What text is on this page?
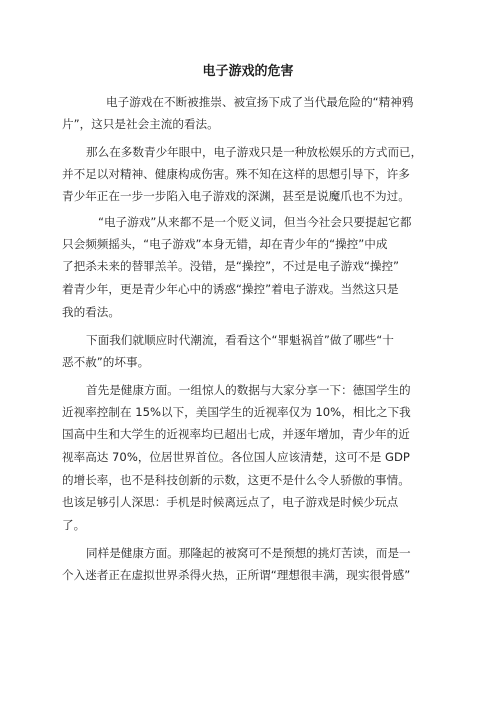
电子游戏的危害
电子游戏在不断被推崇、被宣扬下成了当代最危险的“精神鸦
片”，这只是社会主流的看法。
那么在多数青少年眼中，电子游戏只是一种放松娱乐的方式而已，
并不足以对精神、健康构成伤害。殊不知在这样的思想引导下，许多
青少年正在一步一步陷入电子游戏的深渊，甚至是说魔爪也不为过。
“电子游戏”从来都不是一个贬义词，但当今社会只要提起它都
只会频频摇头，“电子游戏”本身无错，却在青少年的“操控”中成
了把杀未来的替罪羔羊。没错，是“操控”，不过是电子游戏“操控”
着青少年，更是青少年心中的诱惑“操控”着电子游戏。当然这只是
我的看法。
下面我们就顺应时代潮流，看看这个“罪魁祸首”做了哪些“十
恶不赦”的坏事。
首先是健康方面。一组惊人的数据与大家分享一下：德国学生的
近视率控制在 15%以下，美国学生的近视率仅为 10%，相比之下我
国高中生和大学生的近视率均已超出七成，并逐年增加，青少年的近
视率高达 70%，位居世界首位。各位国人应该清楚，这可不是 GDP
的增长率，也不是科技创新的示数，这更不是什么令人骄傲的事情。
也该足够引人深思：手机是时候离远点了，电子游戏是时候少玩点
了。
同样是健康方面。那隆起的被窝可不是预想的挑灯苦读，而是一
个入迷者正在虚拟世界杀得火热，正所谓“理想很丰满，现实很骨感”
